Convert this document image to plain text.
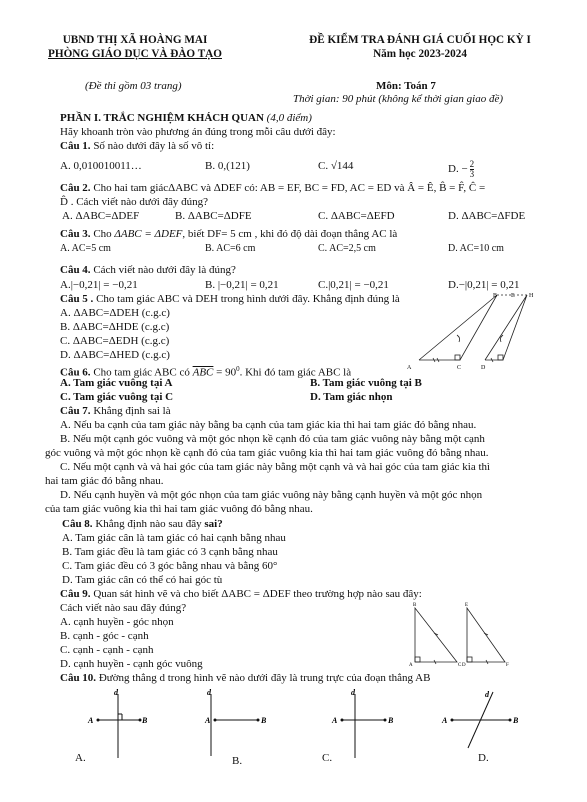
UBND THỊ XÃ HOÀNG MAI
PHÒNG GIÁO DỤC VÀ ĐÀO TẠO
(Đề thi gồm 03 trang)
ĐỀ KIỂM TRA ĐÁNH GIÁ CUỐI HỌC KỲ I
Năm học 2023-2024
Môn: Toán 7
Thời gian: 90 phút (không kể thời gian giao đề)
PHẦN I. TRẮC NGHIỆM KHÁCH QUAN (4,0 điểm)
Hãy khoanh tròn vào phương án đúng trong mỗi câu dưới đây:
Câu 1. Số nào dưới đây là số vô tỉ:
A. 0,010010011…	B. 0,(121)	C. √144	D. − $\frac{2}{3}$
Câu 2. Cho hai tam giácΔABC và ΔDEF có: AB = EF, BC = FD, AC = ED và Â = Ê, B̂ = F̂, Ĉ =
D̂ . Cách viết nào dưới đây đúng?
A. ΔABC=ΔDEF	B. ΔABC=ΔDFE	C. ΔABC=ΔEFD	D. ΔABC=ΔFDE
Câu 3. Cho ΔABC = ΔDEF, biết DF= 5 cm , khi đó độ dài đoạn thẳng AC là
A. AC=5 cm	B. AC=6 cm	C. AC=2,5 cm	D. AC=10 cm
Câu 4. Cách viết nào dưới đây là đúng?
A.|−0,21| = −0,21	B. |−0,21| = 0,21	C.|0,21| = −0,21	D.−|0,21| = 0,21
Câu 5 . Cho tam giác ABC và DEH trong hình dưới đây. Khẳng định đúng là
A. ΔABC=ΔDEH (c.g.c)
B. ΔABC=ΔHDE (c.g.c)
C. ΔABC=ΔEDH (c.g.c)
D. ΔABC=ΔHED (c.g.c)
A	C	D
B E H
Câu 6. Cho tam giác ABC có $\overline{ABC} = 90^0$. Khi đó tam giác ABC là
A. Tam giác vuông tại A	B. Tam giác vuông tại B
C. Tam giác vuông tại C	D. Tam giác nhọn
Câu 7. Khẳng định sai là
A. Nếu ba cạnh của tam giác này bằng ba cạnh của tam giác kia thì hai tam giác đó bằng nhau.
B. Nếu một cạnh góc vuông và một góc nhọn kề cạnh đó của tam giác vuông này bằng một cạnh
góc vuông và một góc nhọn kề cạnh đó của tam giác vuông kia thì hai tam giác vuông đó bằng nhau.
C. Nếu một cạnh và và hai góc của tam giác này bằng một cạnh và và hai góc của tam giác kia thì
hai tam giác đó bằng nhau.
D. Nếu cạnh huyền và một góc nhọn của tam giác vuông này bằng cạnh huyền và một góc nhọn
của tam giác vuông kia thì hai tam giác vuông đó bằng nhau.
Câu 8. Khẳng định nào sau đây sai?
A. Tam giác cân là tam giác có hai cạnh bằng nhau
B. Tam giác đều là tam giác có 3 cạnh bằng nhau
C. Tam giác đều có 3 góc bằng nhau và bằng 60°
D. Tam giác cân có thể có hai góc tù
Câu 9. Quan sát hình vẽ và cho biết ΔABC = ΔDEF theo trường hợp nào sau đây:
Cách viết nào sau đây đúng?
A. cạnh huyền - góc nhọn
B. cạnh - góc - cạnh
C. cạnh - cạnh - cạnh
D. cạnh huyền - cạnh góc vuông
B
A	C
E
D	F
Câu 10. Đường thẳng d trong hình vẽ nào dưới đây là trung trực của đoạn thẳng AB
A	B
d
A	B
d
A	B
d
A	B
d
A.	B.	C.	D.
